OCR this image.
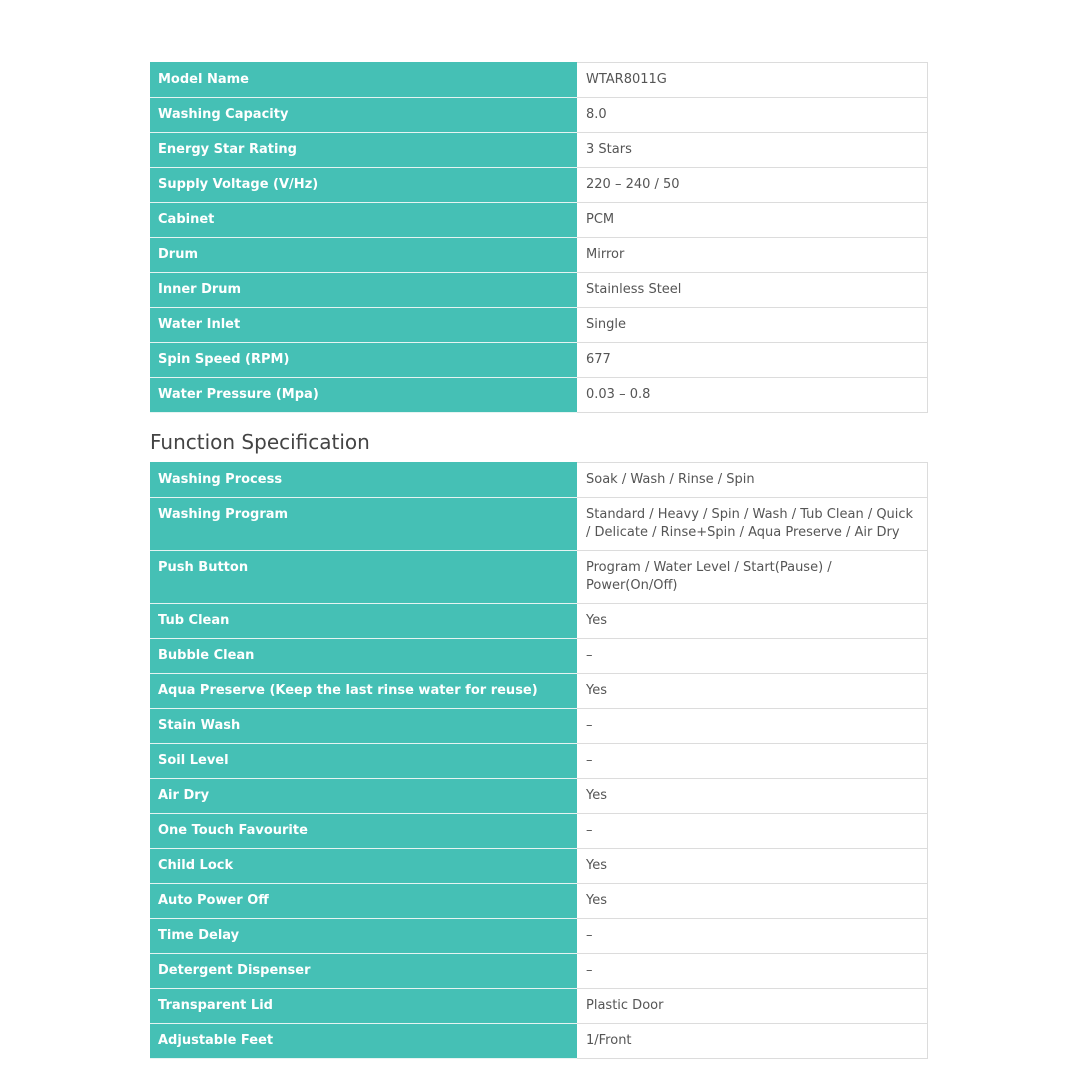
Model Name	WTAR8011G
Washing Capacity	8.0
Energy Star Rating	3 Stars
Supply Voltage (V/Hz)	220 – 240 / 50
Cabinet	PCM
Drum	Mirror
Inner Drum	Stainless Steel
Water Inlet	Single
Spin Speed (RPM)	677
Water Pressure (Mpa)	0.03 – 0.8
Function Specification
Washing Process	Soak / Wash / Rinse / Spin
Washing Program	Standard / Heavy / Spin / Wash / Tub Clean / Quick / Delicate / Rinse+Spin / Aqua Preserve / Air Dry
Push Button	Program / Water Level / Start(Pause) / Power(On/Off)
Tub Clean	Yes
Bubble Clean	–
Aqua Preserve (Keep the last rinse water for reuse)	Yes
Stain Wash	–
Soil Level	–
Air Dry	Yes
One Touch Favourite	–
Child Lock	Yes
Auto Power Off	Yes
Time Delay	–
Detergent Dispenser	–
Transparent Lid	Plastic Door
Adjustable Feet	1/Front
